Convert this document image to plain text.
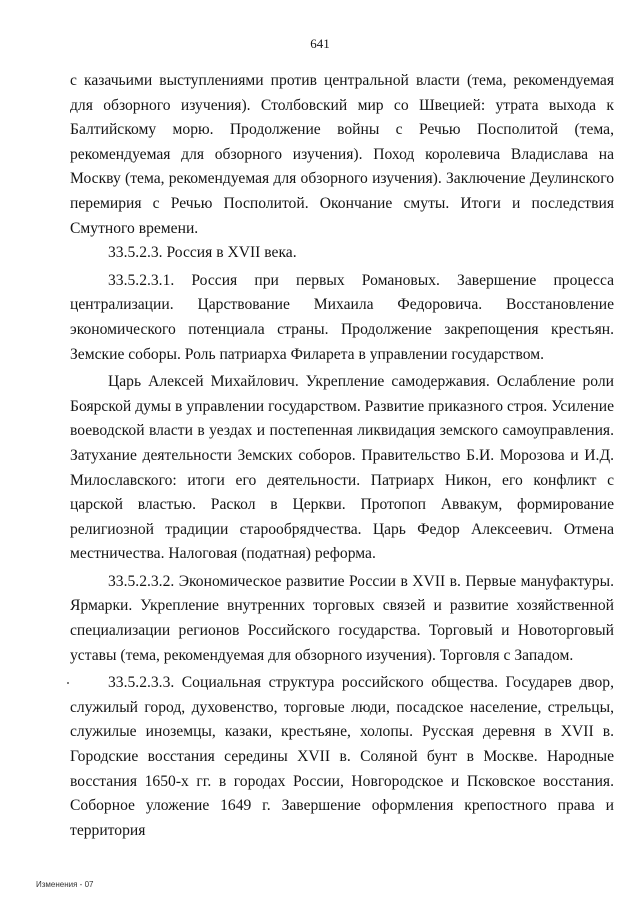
641

с казачьими выступлениями против центральной власти (тема, рекомендуемая для обзорного изучения). Столбовский мир со Швецией: утрата выхода к Балтийскому морю. Продолжение войны с Речью Посполитой (тема, рекомендуемая для обзорного изучения). Поход королевича Владислава на Москву (тема, рекомендуемая для обзорного изучения). Заключение Деулинского перемирия с Речью Посполитой. Окончание смуты. Итоги и последствия Смутного времени.

33.5.2.3. Россия в XVII века.

33.5.2.3.1. Россия при первых Романовых. Завершение процесса централизации. Царствование Михаила Федоровича. Восстановление экономического потенциала страны. Продолжение закрепощения крестьян. Земские соборы. Роль патриарха Филарета в управлении государством.

Царь Алексей Михайлович. Укрепление самодержавия. Ослабление роли Боярской думы в управлении государством. Развитие приказного строя. Усиление воеводской власти в уездах и постепенная ликвидация земского самоуправления. Затухание деятельности Земских соборов. Правительство Б.И. Морозова и И.Д. Милославского: итоги его деятельности. Патриарх Никон, его конфликт с царской властью. Раскол в Церкви. Протопоп Аввакум, формирование религиозной традиции старообрядчества. Царь Федор Алексеевич. Отмена местничества. Налоговая (податная) реформа.

33.5.2.3.2. Экономическое развитие России в XVII в. Первые мануфактуры. Ярмарки. Укрепление внутренних торговых связей и развитие хозяйственной специализации регионов Российского государства. Торговый и Новоторговый уставы (тема, рекомендуемая для обзорного изучения). Торговля с Западом.

33.5.2.3.3. Социальная структура российского общества. Государев двор, служилый город, духовенство, торговые люди, посадское население, стрельцы, служилые иноземцы, казаки, крестьяне, холопы. Русская деревня в XVII в. Городские восстания середины XVII в. Соляной бунт в Москве. Народные восстания 1650-х гг. в городах России, Новгородское и Псковское восстания. Соборное уложение 1649 г. Завершение оформления крепостного права и территория

Изменения - 07
